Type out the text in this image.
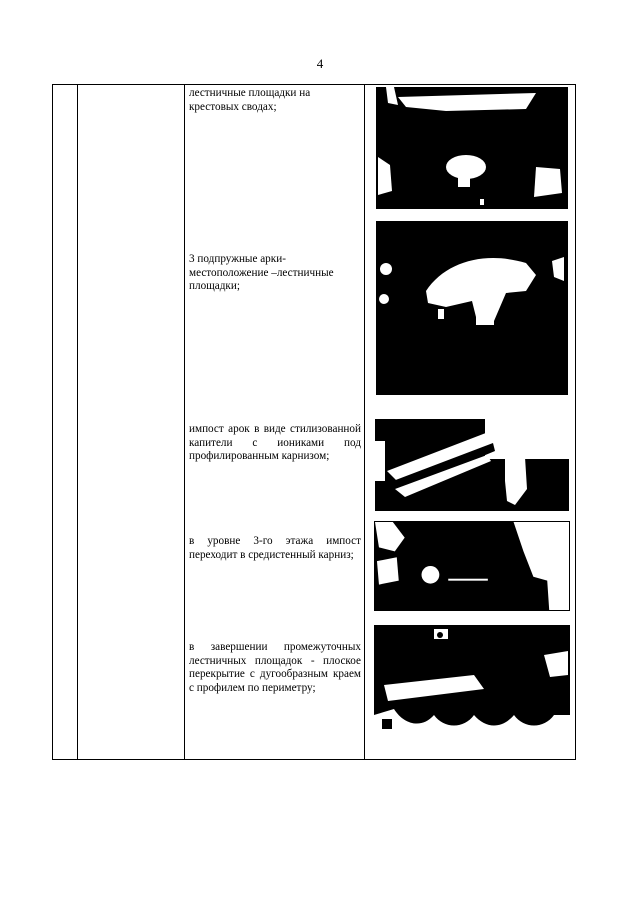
4
лестничные площадки на крестовых сводах;
3 подпружные арки-местоположение –лестничные площадки;
импост арок в виде стилизованной капители с иониками под профилированным карнизом;
в уровне 3-го этажа импост переходит в средистенный карниз;
в завершении промежуточных лестничных площадок - плоское перекрытие с дугообразным краем с профилем по периметру;
